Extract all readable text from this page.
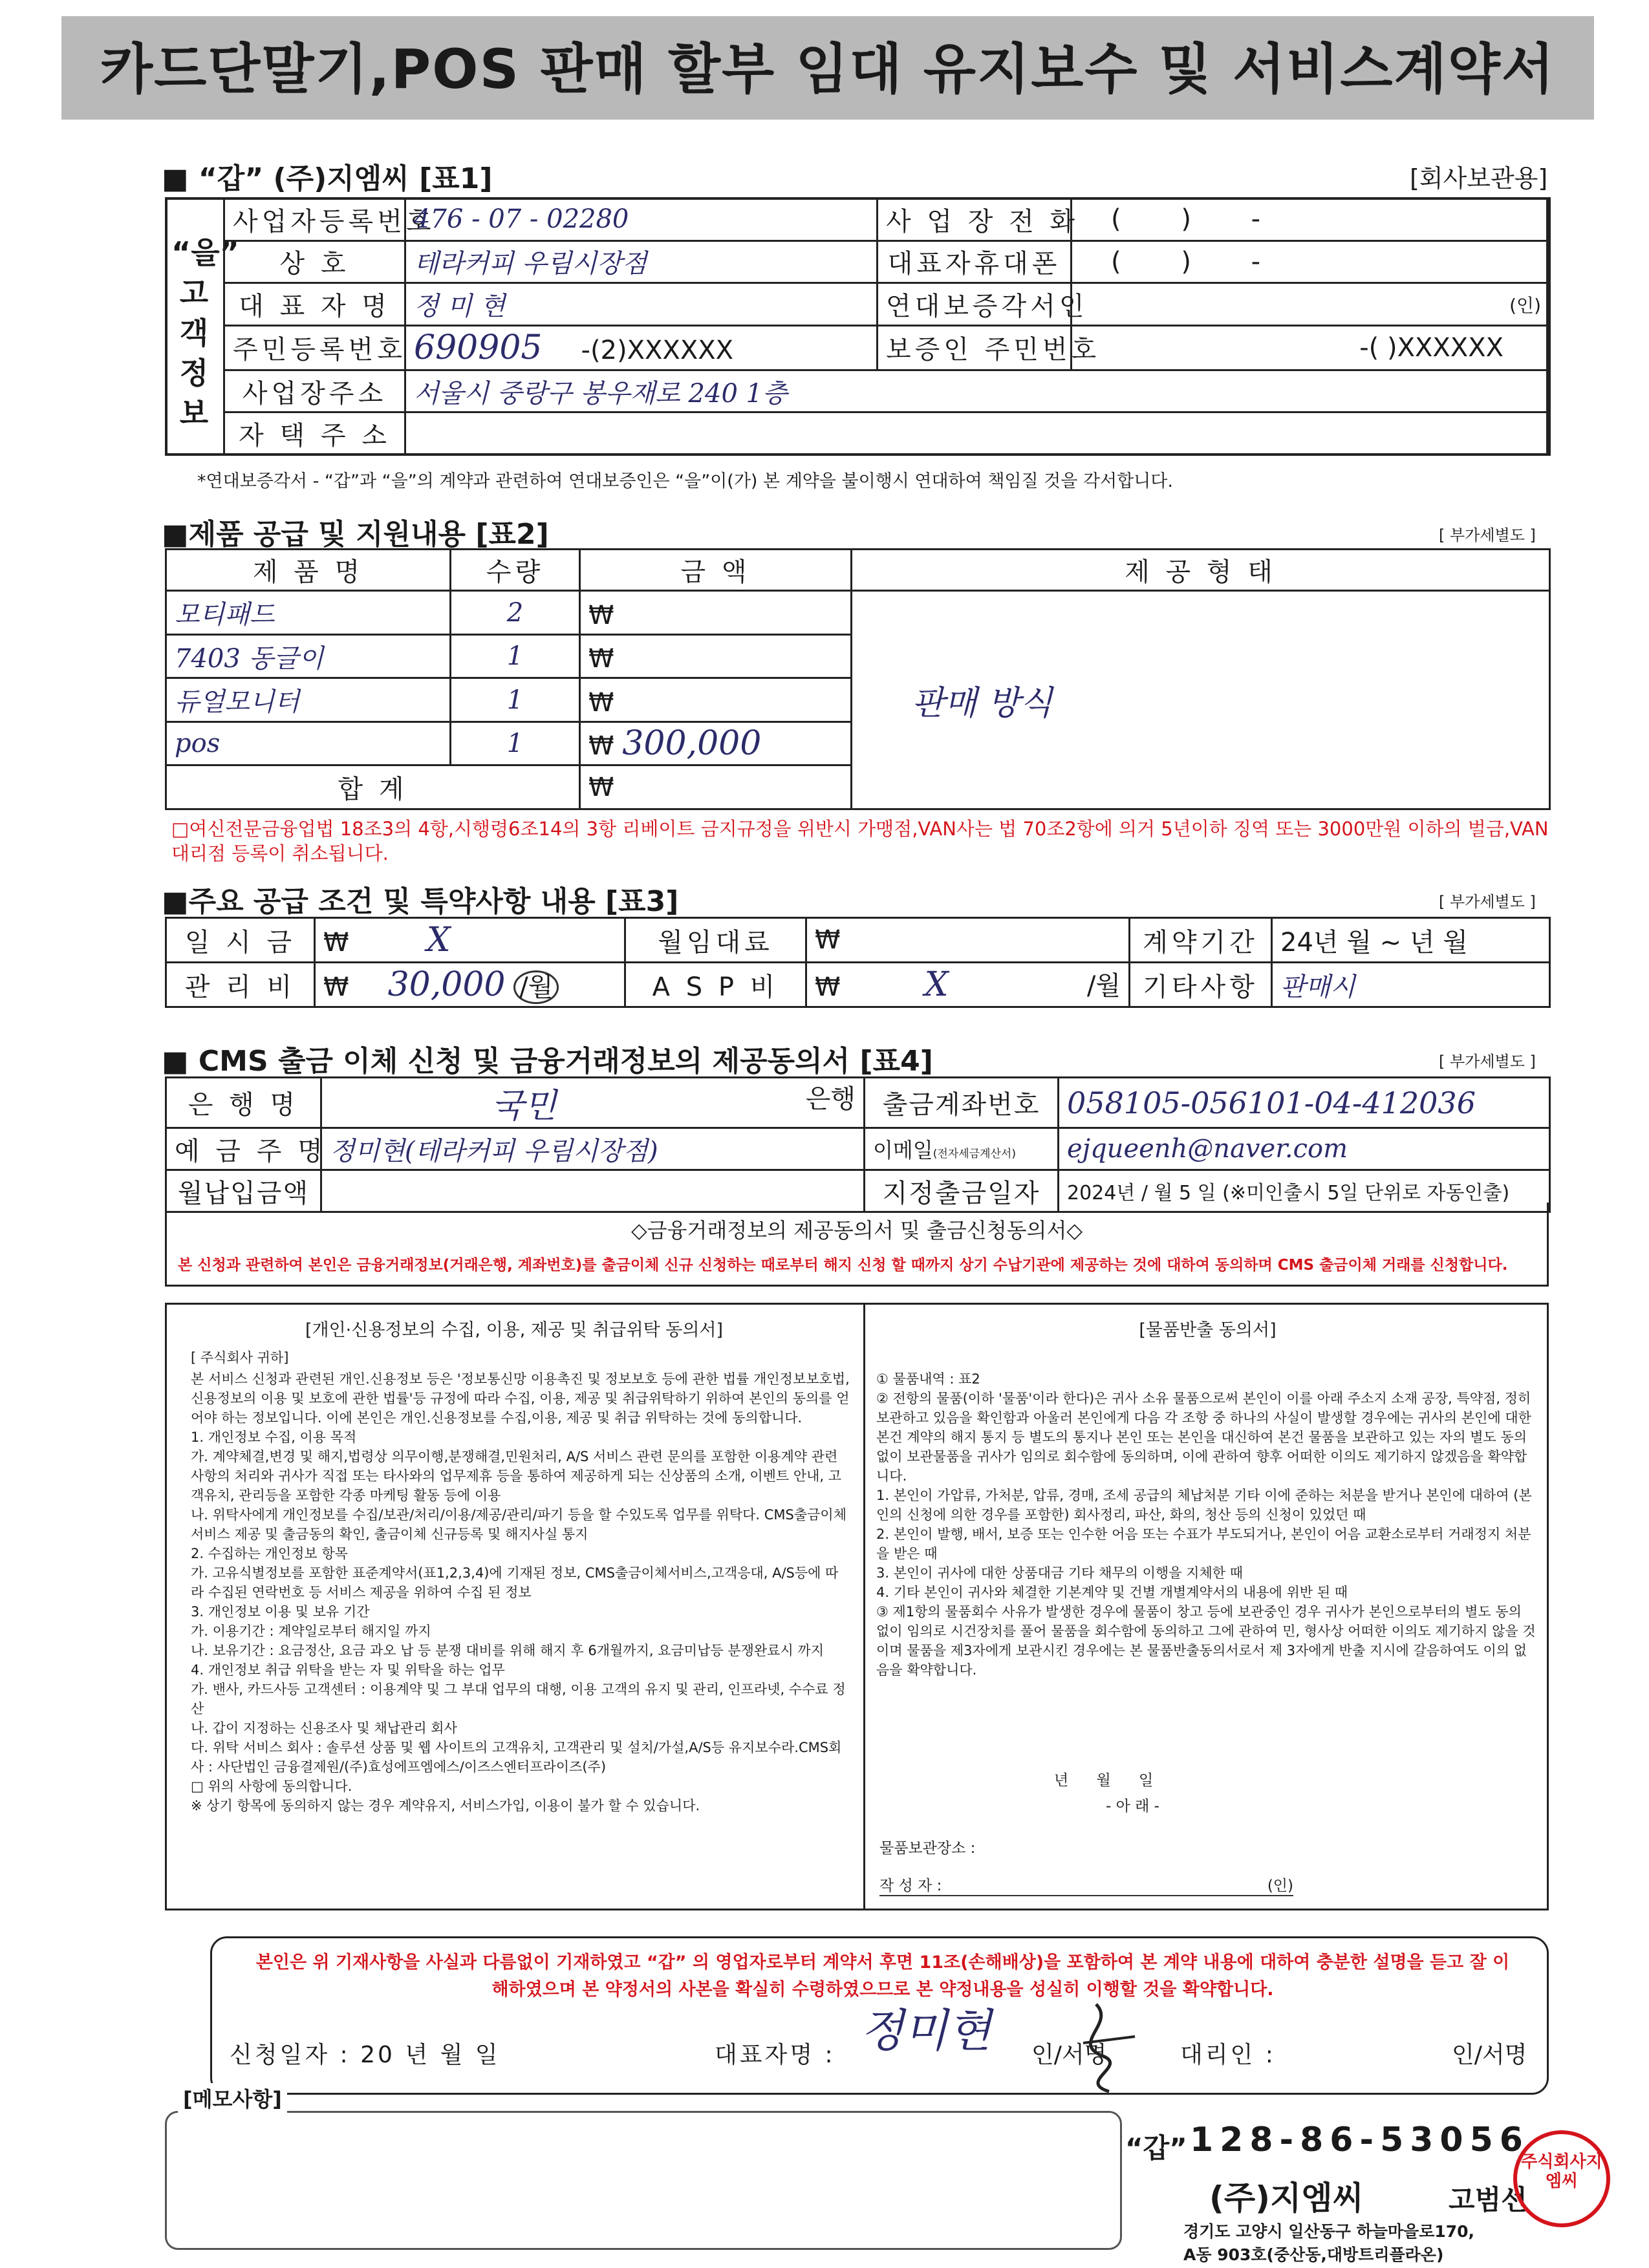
카드단말기,POS 판매 할부 임대 유지보수 및 서비스계약서
■ “갑” (주)지엠씨 [표1]	[회사보관용]
“을”
고
객
정
보
사업자등록번호	476 - 07 - 02280	사 업 장 전 화	( ) -
상 호	테라커피 우림시장점	대표자휴대폰	( ) -
대 표 자 명	정 미 현	연대보증각서인	(인)
주민등록번호	690905 -(2)XXXXXX	보증인 주민번호	-( )XXXXXX
사업장주소	서울시 중랑구 봉우재로 240 1층		
자 택 주 소			
*연대보증각서 - “갑”과 “을”의 계약과 관련하여 연대보증인은 “을”이(가) 본 계약을 불이행시 연대하여 책임질 것을 각서합니다.
■제품 공급 및 지원내용 [표2]	[ 부가세별도 ]
제 품 명	수량	금 액	제 공 형 태
모티패드	2	₩	판매 방식
7403 동글이	1	₩	
듀얼모니터	1	₩	
pos	1	₩ 300,000	
합 계		₩	
□여신전문금융업법 18조3의 4항,시행령6조14의 3항 리베이트 금지규정을 위반시 가맹점,VAN사는 법 70조2항에 의거 5년이하 징역 또는 3000만원 이하의 벌금,VAN대리점 등록이 취소됩니다.
■주요 공급 조건 및 특약사항 내용 [표3]	[ 부가세별도 ]
일 시 금	₩ X	월임대료	₩	계약기간	24년 월 ~ 년 월
관 리 비	₩ 30,000 /월	A S P 비	₩ X /월	기타사항	판매시
■ CMS 출금 이체 신청 및 금융거래정보의 제공동의서 [표4]	[ 부가세별도 ]
은 행 명	국민 은행	출금계좌번호	058105-056101-04-412036
예 금 주 명	정미현(테라커피 우림시장점)	이메일(전자세금계산서)	ejqueenh@naver.com
월납입금액		지정출금일자	2024년 / 월 5 일 (※미인출시 5일 단위로 자동인출)
◇금융거래정보의 제공동의서 및 출금신청동의서◇
본 신청과 관련하여 본인은 금융거래정보(거래은행, 계좌번호)를 출금이체 신규 신청하는 때로부터 해지 신청 할 때까지 상기 수납기관에 제공하는 것에 대하여 동의하며 CMS 출금이체 거래를 신청합니다.
[개인·신용정보의 수집, 이용, 제공 및 취급위탁 동의서]
[ 주식회사 귀하]
본 서비스 신청과 관련된 개인.신용정보 등은 '정보통신망 이용촉진 및 정보보호 등에 관한 법률 개인정보보호법,신용정보의 이용 및 보호에 관한 법률'등 규정에 따라 수집, 이용, 제공 및 취급위탁하기 위하여 본인의 동의를 얻어야 하는 정보입니다. 이에 본인은 개인.신용정보를 수집,이용, 제공 및 취급 위탁하는 것에 동의합니다.
1. 개인정보 수집, 이용 목적
가. 계약체결,변경 및 해지,법령상 의무이행,분쟁해결,민원처리, A/S 서비스 관련 문의를 포함한 이용계약 관련 사항의 처리와 귀사가 직접 또는 타사와의 업무제휴 등을 통하여 제공하게 되는 신상품의 소개, 이벤트 안내, 고객유치, 관리등을 포함한 각종 마케팅 활동 등에 이용
나. 위탁사에게 개인정보를 수집/보관/처리/이용/제공/관리/파기 등을 할 수있도록 업무를 위탁다. CMS출금이체 서비스 제공 및 출금동의 확인, 출금이체 신규등록 및 해지사실 통지
2. 수집하는 개인정보 항목
가. 고유식별정보를 포함한 표준계약서(표1,2,3,4)에 기재된 정보, CMS출금이체서비스,고객응대, A/S등에 따라 수집된 연락번호 등 서비스 제공을 위하여 수집 된 정보
3. 개인정보 이용 및 보유 기간
가. 이용기간 : 계약일로부터 해지일 까지
나. 보유기간 : 요금정산, 요금 과오 납 등 분쟁 대비를 위해 해지 후 6개월까지, 요금미납등 분쟁완료시 까지
4. 개인정보 취급 위탁을 받는 자 및 위탁을 하는 업무
가. 밴사, 카드사등 고객센터 : 이용계약 및 그 부대 업무의 대행, 이용 고객의 유지 및 관리, 인프라넷, 수수료 정산
나. 갑이 지정하는 신용조사 및 채납관리 회사
다. 위탁 서비스 회사 : 솔루션 상품 및 웹 사이트의 고객유치, 고객관리 및 설치/가설,A/S등 유지보수라.CMS회사 : 사단법인 금융결제원/(주)효성에프엠에스/이즈스엔터프라이즈(주)
□ 위의 사항에 동의합니다.
※ 상기 항목에 동의하지 않는 경우 계약유지, 서비스가입, 이용이 불가 할 수 있습니다.
[물품반출 동의서]
① 물품내역 : 표2
② 전항의 물품(이하 '물품'이라 한다)은 귀사 소유 물품으로써 본인이 이를 아래 주소지 소재 공장, 특약점, 정히 보관하고 있음을 확인함과 아울러 본인에게 다음 각 조항 중 하나의 사실이 발생할 경우에는 귀사의 본인에 대한 본건 계약의 해지 통지 등 별도의 통지나 본인 또는 본인을 대신하여 본건 물품을 보관하고 있는 자의 별도 동의 없이 보관물품을 귀사가 임의로 회수함에 동의하며, 이에 관하여 향후 어떠한 이의도 제기하지 않겠음을 확약합니다.
1. 본인이 가압류, 가처분, 압류, 경매, 조세 공급의 체납처분 기타 이에 준하는 처분을 받거나 본인에 대하여 (본인의 신청에 의한 경우를 포함한) 회사정리, 파산, 화의, 청산 등의 신청이 있었던 때
2. 본인이 발행, 배서, 보증 또는 인수한 어음 또는 수표가 부도되거나, 본인이 어음 교환소로부터 거래정지 처분을 받은 때
3. 본인이 귀사에 대한 상품대금 기타 채무의 이행을 지체한 때
4. 기타 본인이 귀사와 체결한 기본계약 및 건별 개별계약서의 내용에 위반 된 때
③ 제1항의 물품회수 사유가 발생한 경우에 물품이 창고 등에 보관중인 경우 귀사가 본인으로부터의 별도 동의 없이 임의로 시건장치를 풀어 물품을 회수함에 동의하고 그에 관하여 민, 형사상 어떠한 이의도 제기하지 않을 것이며 물품을 제3자에게 보관시킨 경우에는 본 물품반출동의서로서 제 3자에게 반출 지시에 갈음하여도 이의 없음을 확약합니다.
년 월 일
- 아 래 -
물품보관장소 :
작 성 자 :	(인)
본인은 위 기재사항을 사실과 다름없이 기재하였고 “갑” 의 영업자로부터 계약서 후면 11조(손해배상)을 포함하여 본 계약 내용에 대하여 충분한 설명을 듣고 잘 이해하였으며 본 약정서의 사본을 확실히 수령하였으므로 본 약정내용을 성실히 이행할 것을 확약합니다.
신청일자 : 20 년 월 일	대표자명 : 정미현 인/서명	대리인 :	인/서명
[메모사항]
“갑” 128-86-53056
(주)지엠씨	고범선
경기도 고양시 일산동구 하늘마을로170,
A동 903호(중산동,대방트리플라온)
주식회사지엠씨
